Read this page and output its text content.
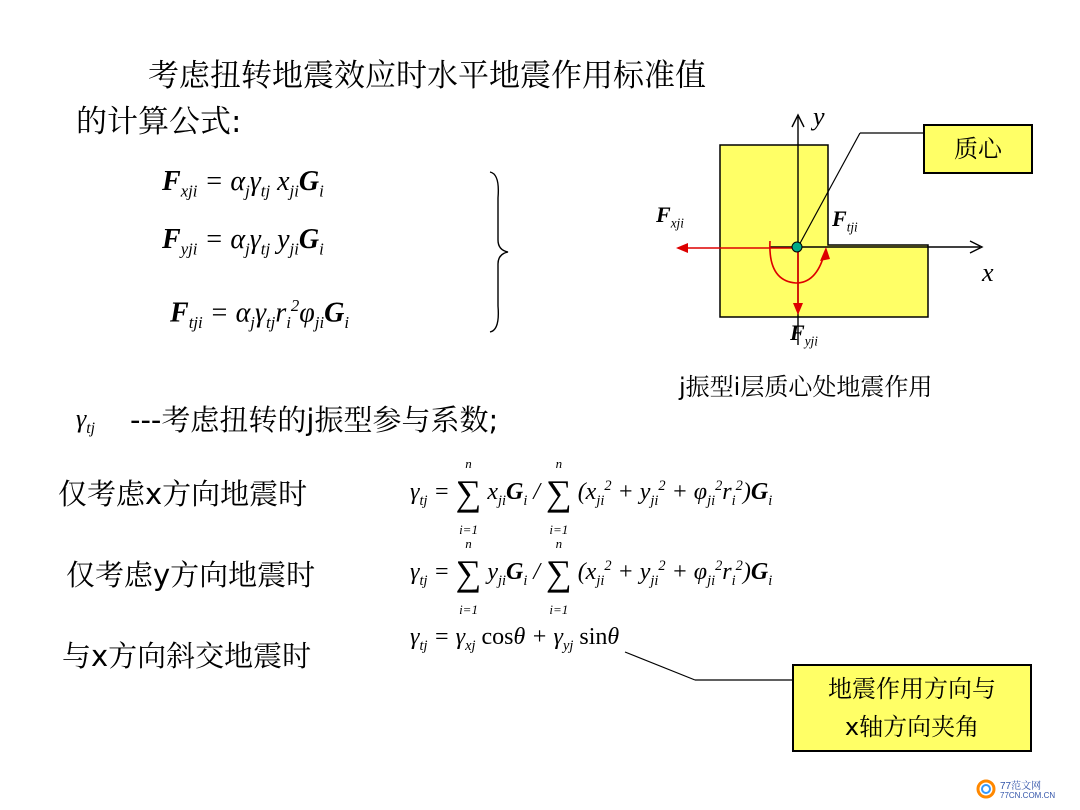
考虑扭转地震效应时水平地震作用标准值
的计算公式:
$F_{xji} = \alpha_j\gamma_{tj}$ $x_{ji}G_i$
$F_{yji} = \alpha_j\gamma_{tj}$ $y_{ji}G_i$
$F_{tji} = \alpha_j\gamma_{tj}r_i^2\varphi_{ji}G_i$
y
x
$F_{xji}$	$F_{tji}$
$F_{yji}$
质心
j振型i层质心处地震作用
$\gamma_{tj}$ ---考虑扭转的j振型参与系数;
仅考虑x方向地震时
仅考虑y方向地震时
与x方向斜交地震时
$\gamma_{tj} = n$
∑
i=1 $x_{ji}G_i$ / n
∑
i=1 $(x_{ji}^2 + y_{ji}^2 + \varphi_{ji}^2r_i^2)G_i$
$\gamma_{tj} = n$
∑
i=1 $y_{ji}G_i$ / n
∑
i=1 $(x_{ji}^2 + y_{ji}^2 + \varphi_{ji}^2r_i^2)G_i$
$\gamma_{tj} = \gamma_{xj}$ $\cos\theta + \gamma_{yj}$ sinθ
地震作用方向与
x轴方向夹角
77范文网
77CN.COM.CN
